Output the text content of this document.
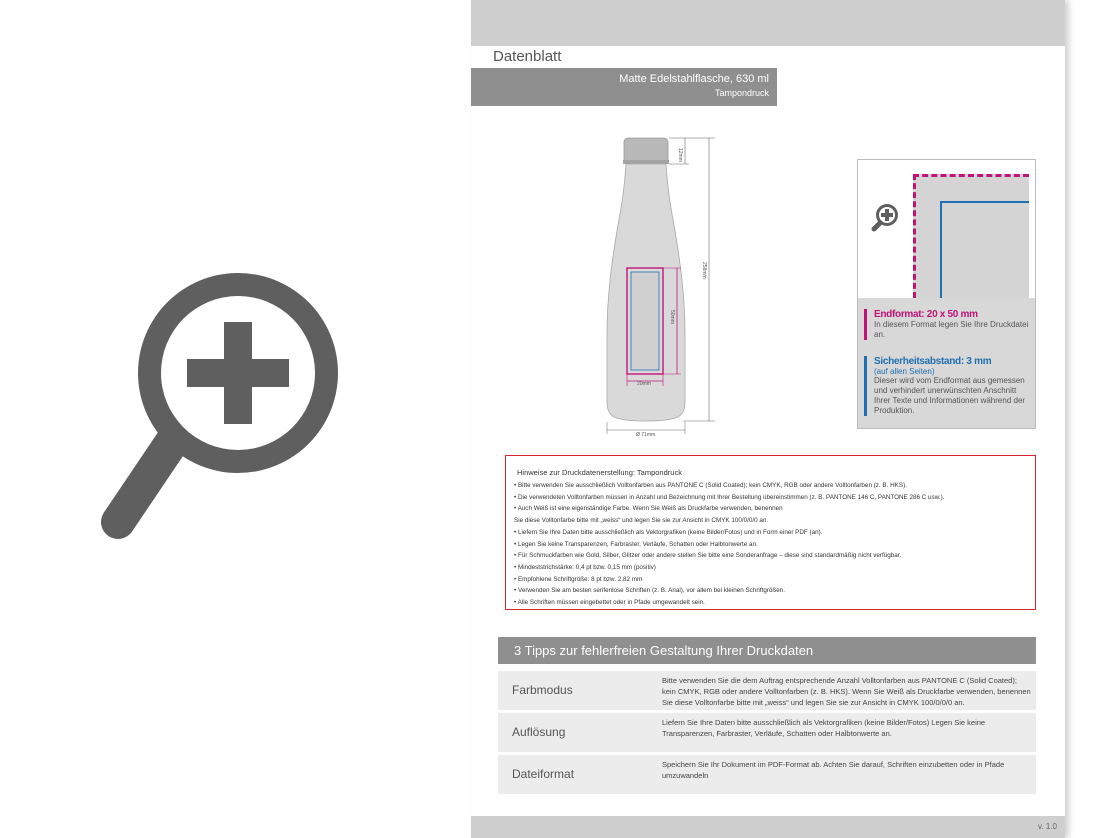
Datenblatt
Matte Edelstahlflasche, 630 ml
Tampondruck
12mm
258mm
50mm
20mm
Ø 71mm
Endformat: 20 x 50 mm
In diesem Format legen Sie Ihre Druckdatei an.
Sicherheitsabstand: 3 mm
(auf allen Seiten)
Dieser wird vom Endformat aus gemessen und verhindert unerwünschten Anschnitt Ihrer Texte und Informationen während der Produktion.
Hinweise zur Druckdatenerstellung: Tampondruck
• Bitte verwenden Sie ausschließlich Volltonfarben aus PANTONE C (Solid Coated); kein CMYK, RGB oder andere Volltonfarben (z. B. HKS).
• Die verwendeten Volltonfarben müssen in Anzahl und Bezeichnung mit Ihrer Bestellung übereinstimmen (z. B. PANTONE 146 C, PANTONE 286 C usw.).
• Auch Weiß ist eine eigenständige Farbe. Wenn Sie Weiß als Druckfarbe verwenden, benennen
Sie diese Volltonfarbe bitte mit „weiss“ und legen Sie sie zur Ansicht in CMYK 100/0/0/0 an.
• Liefern Sie Ihre Daten bitte ausschließlich als Vektorgrafiken (keine Bilder/Fotos) und in Form einer PDF (an).
• Legen Sie keine Transparenzen, Farbraster, Verläufe, Schatten oder Halbtonwerte an.
• Für Schmuckfarben wie Gold, Silber, Glitzer oder andere stellen Sie bitte eine Sonderanfrage – diese sind standardmäßig nicht verfügbar.
• Mindeststrichstärke: 0,4 pt bzw. 0,15 mm (positiv)
• Empfohlene Schriftgröße: 8 pt bzw. 2,82 mm
• Verwenden Sie am besten serifenlose Schriften (z. B. Arial), vor allem bei kleinen Schriftgrößen.
• Alle Schriften müssen eingebettet oder in Pfade umgewandelt sein.
3 Tipps zur fehlerfreien Gestaltung Ihrer Druckdaten
Farbmodus
Bitte verwenden Sie die dem Auftrag entsprechende Anzahl Volltonfarben aus PANTONE C (Solid Coated); kein CMYK, RGB oder andere Volltonfarben (z. B. HKS). Wenn Sie Weiß als Druckfarbe verwenden, benennen Sie diese Volltonfarbe bitte mit „weiss“ und legen Sie sie zur Ansicht in CMYK 100/0/0/0 an.
Auflösung
Liefern Sie Ihre Daten bitte ausschließlich als Vektorgrafiken (keine Bilder/Fotos) Legen Sie keine Transparenzen, Farbraster, Verläufe, Schatten oder Halbtonwerte an.
Dateiformat
Speichern Sie Ihr Dokument im PDF-Format ab. Achten Sie darauf, Schriften einzubetten oder in Pfade umzuwandeln
v. 1.0
